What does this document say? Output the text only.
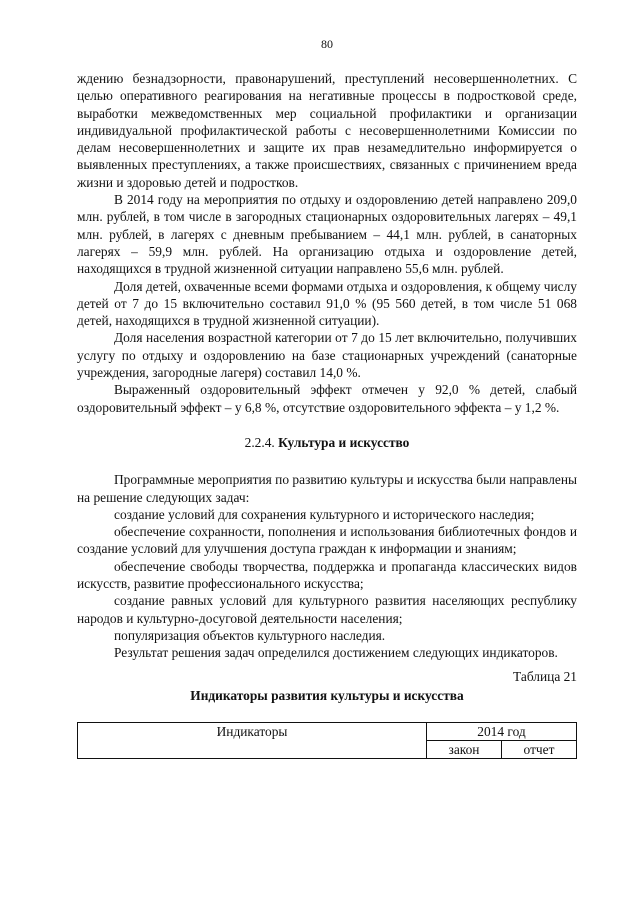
80

ждению безнадзорности, правонарушений, преступлений несовершеннолетних. С целью оперативного реагирования на негативные процессы в подростковой среде, выработки межведомственных мер социальной профилактики и организации индивидуальной профилактической работы с несовершеннолетними Комиссии по делам несовершеннолетних и защите их прав незамедлительно информируется о выявленных преступлениях, а также происшествиях, связанных с причинением вреда жизни и здоровью детей и подростков.

В 2014 году на мероприятия по отдыху и оздоровлению детей направлено 209,0 млн. рублей, в том числе в загородных стационарных оздоровительных лагерях – 49,1 млн. рублей, в лагерях с дневным пребыванием – 44,1 млн. рублей, в санаторных лагерях – 59,9 млн. рублей. На организацию отдыха и оздоровление детей, находящихся в трудной жизненной ситуации направлено 55,6 млн. рублей.

Доля детей, охваченные всеми формами отдыха и оздоровления, к общему числу детей от 7 до 15 включительно составил 91,0 % (95 560 детей, в том числе 51 068 детей, находящихся в трудной жизненной ситуации).

Доля населения возрастной категории от 7 до 15 лет включительно, получивших услугу по отдыху и оздоровлению на базе стационарных учреждений (санаторные учреждения, загородные лагеря) составил 14,0 %.

Выраженный оздоровительный эффект отмечен у 92,0 % детей, слабый оздоровительный эффект – у 6,8 %, отсутствие оздоровительного эффекта – у 1,2 %.

2.2.4. Культура и искусство

Программные мероприятия по развитию культуры и искусства были направлены на решение следующих задач:

создание условий для сохранения культурного и исторического наследия;

обеспечение сохранности, пополнения и использования библиотечных фондов и создание условий для улучшения доступа граждан к информации и знаниям;

обеспечение свободы творчества, поддержка и пропаганда классических видов искусств, развитие профессионального искусства;

создание равных условий для культурного развития населяющих республику народов и культурно-досуговой деятельности населения;

популяризация объектов культурного наследия.

Результат решения задач определился достижением следующих индикаторов.

Таблица 21
Индикаторы развития культуры и искусства
Индикаторы	2014 год	
	закон	отчет
